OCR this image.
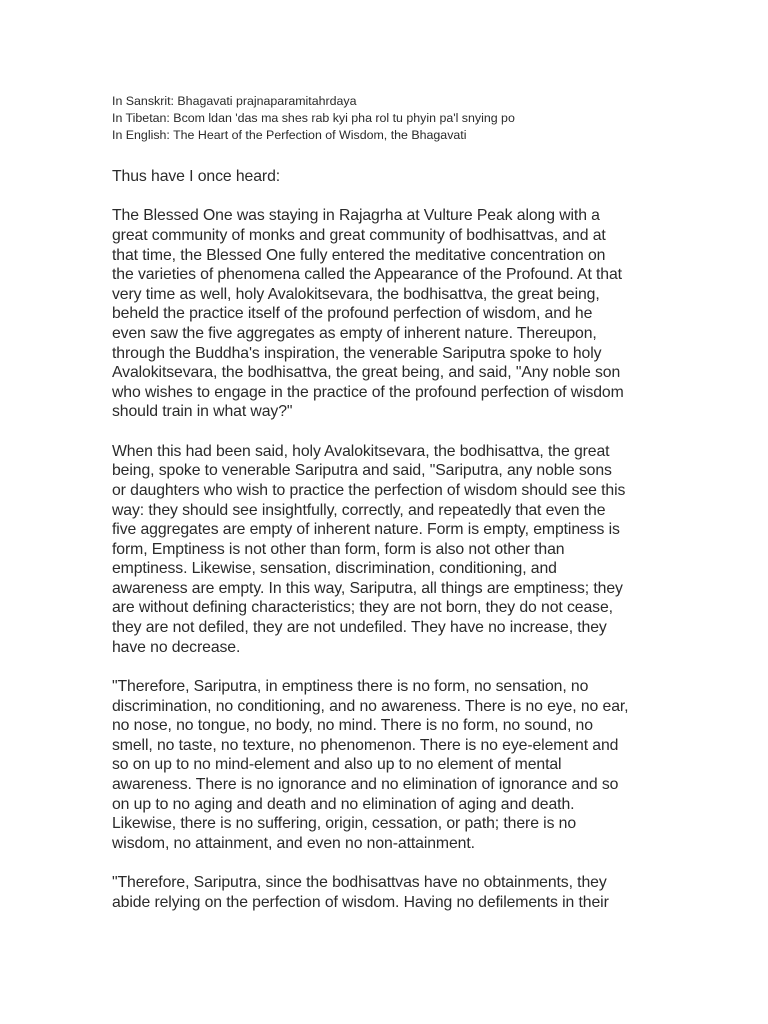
In Sanskrit: Bhagavati prajnaparamitahrdaya
In Tibetan: Bcom ldan 'das ma shes rab kyi pha rol tu phyin pa'l snying po
In English: The Heart of the Perfection of Wisdom, the Bhagavati

Thus have I once heard:

The Blessed One was staying in Rajagrha at Vulture Peak along with a
great community of monks and great community of bodhisattvas, and at
that time, the Blessed One fully entered the meditative concentration on
the varieties of phenomena called the Appearance of the Profound. At that
very time as well, holy Avalokitsevara, the bodhisattva, the great being,
beheld the practice itself of the profound perfection of wisdom, and he
even saw the five aggregates as empty of inherent nature. Thereupon,
through the Buddha's inspiration, the venerable Sariputra spoke to holy
Avalokitsevara, the bodhisattva, the great being, and said, "Any noble son
who wishes to engage in the practice of the profound perfection of wisdom
should train in what way?"

When this had been said, holy Avalokitsevara, the bodhisattva, the great
being, spoke to venerable Sariputra and said, "Sariputra, any noble sons
or daughters who wish to practice the perfection of wisdom should see this
way: they should see insightfully, correctly, and repeatedly that even the
five aggregates are empty of inherent nature. Form is empty, emptiness is
form, Emptiness is not other than form, form is also not other than
emptiness. Likewise, sensation, discrimination, conditioning, and
awareness are empty. In this way, Sariputra, all things are emptiness; they
are without defining characteristics; they are not born, they do not cease,
they are not defiled, they are not undefiled. They have no increase, they
have no decrease.

"Therefore, Sariputra, in emptiness there is no form, no sensation, no
discrimination, no conditioning, and no awareness. There is no eye, no ear,
no nose, no tongue, no body, no mind. There is no form, no sound, no
smell, no taste, no texture, no phenomenon. There is no eye-element and
so on up to no mind-element and also up to no element of mental
awareness. There is no ignorance and no elimination of ignorance and so
on up to no aging and death and no elimination of aging and death.
Likewise, there is no suffering, origin, cessation, or path; there is no
wisdom, no attainment, and even no non-attainment.

"Therefore, Sariputra, since the bodhisattvas have no obtainments, they
abide relying on the perfection of wisdom. Having no defilements in their
